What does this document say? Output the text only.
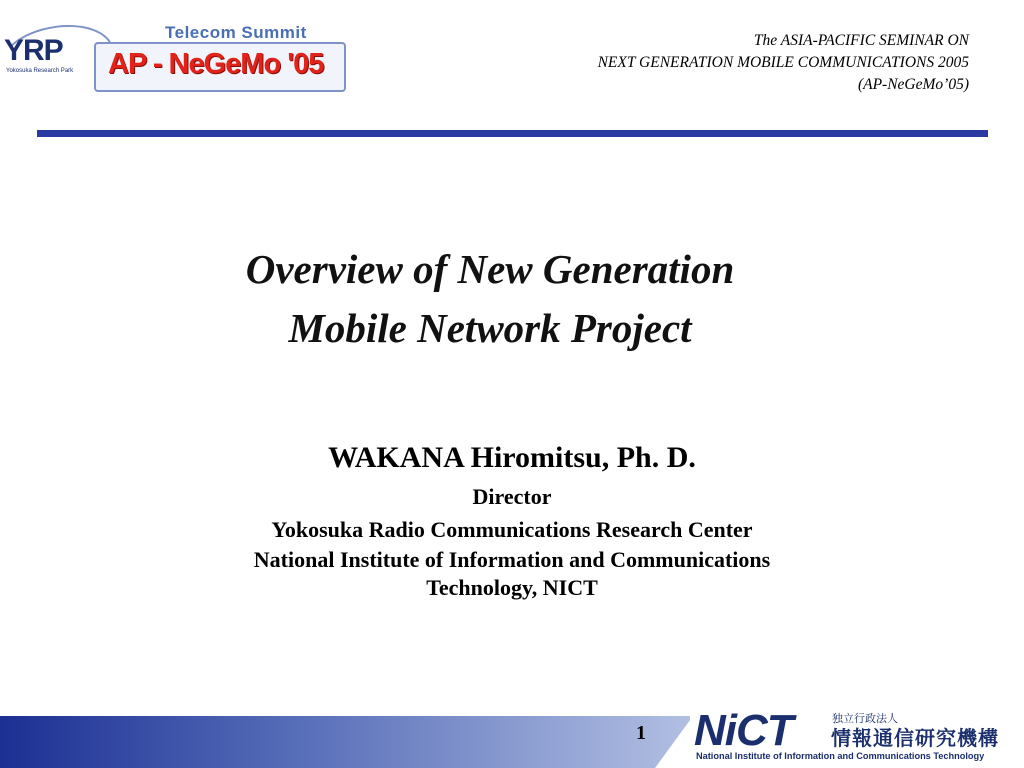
YRP
Yokosuka Research Park
Telecom Summit
AP - NeGeMo '05
The ASIA-PACIFIC SEMINAR ON
NEXT GENERATION MOBILE COMMUNICATIONS 2005
(AP-NeGeMo’05)
Overview of New Generation
Mobile Network Project
WAKANA Hiromitsu, Ph. D.
Director
Yokosuka Radio Communications Research Center
National Institute of Information and Communications
Technology, NICT
1 NiCT	独立行政法人
情報通信研究機構
National Institute of Information and Communications Technology
